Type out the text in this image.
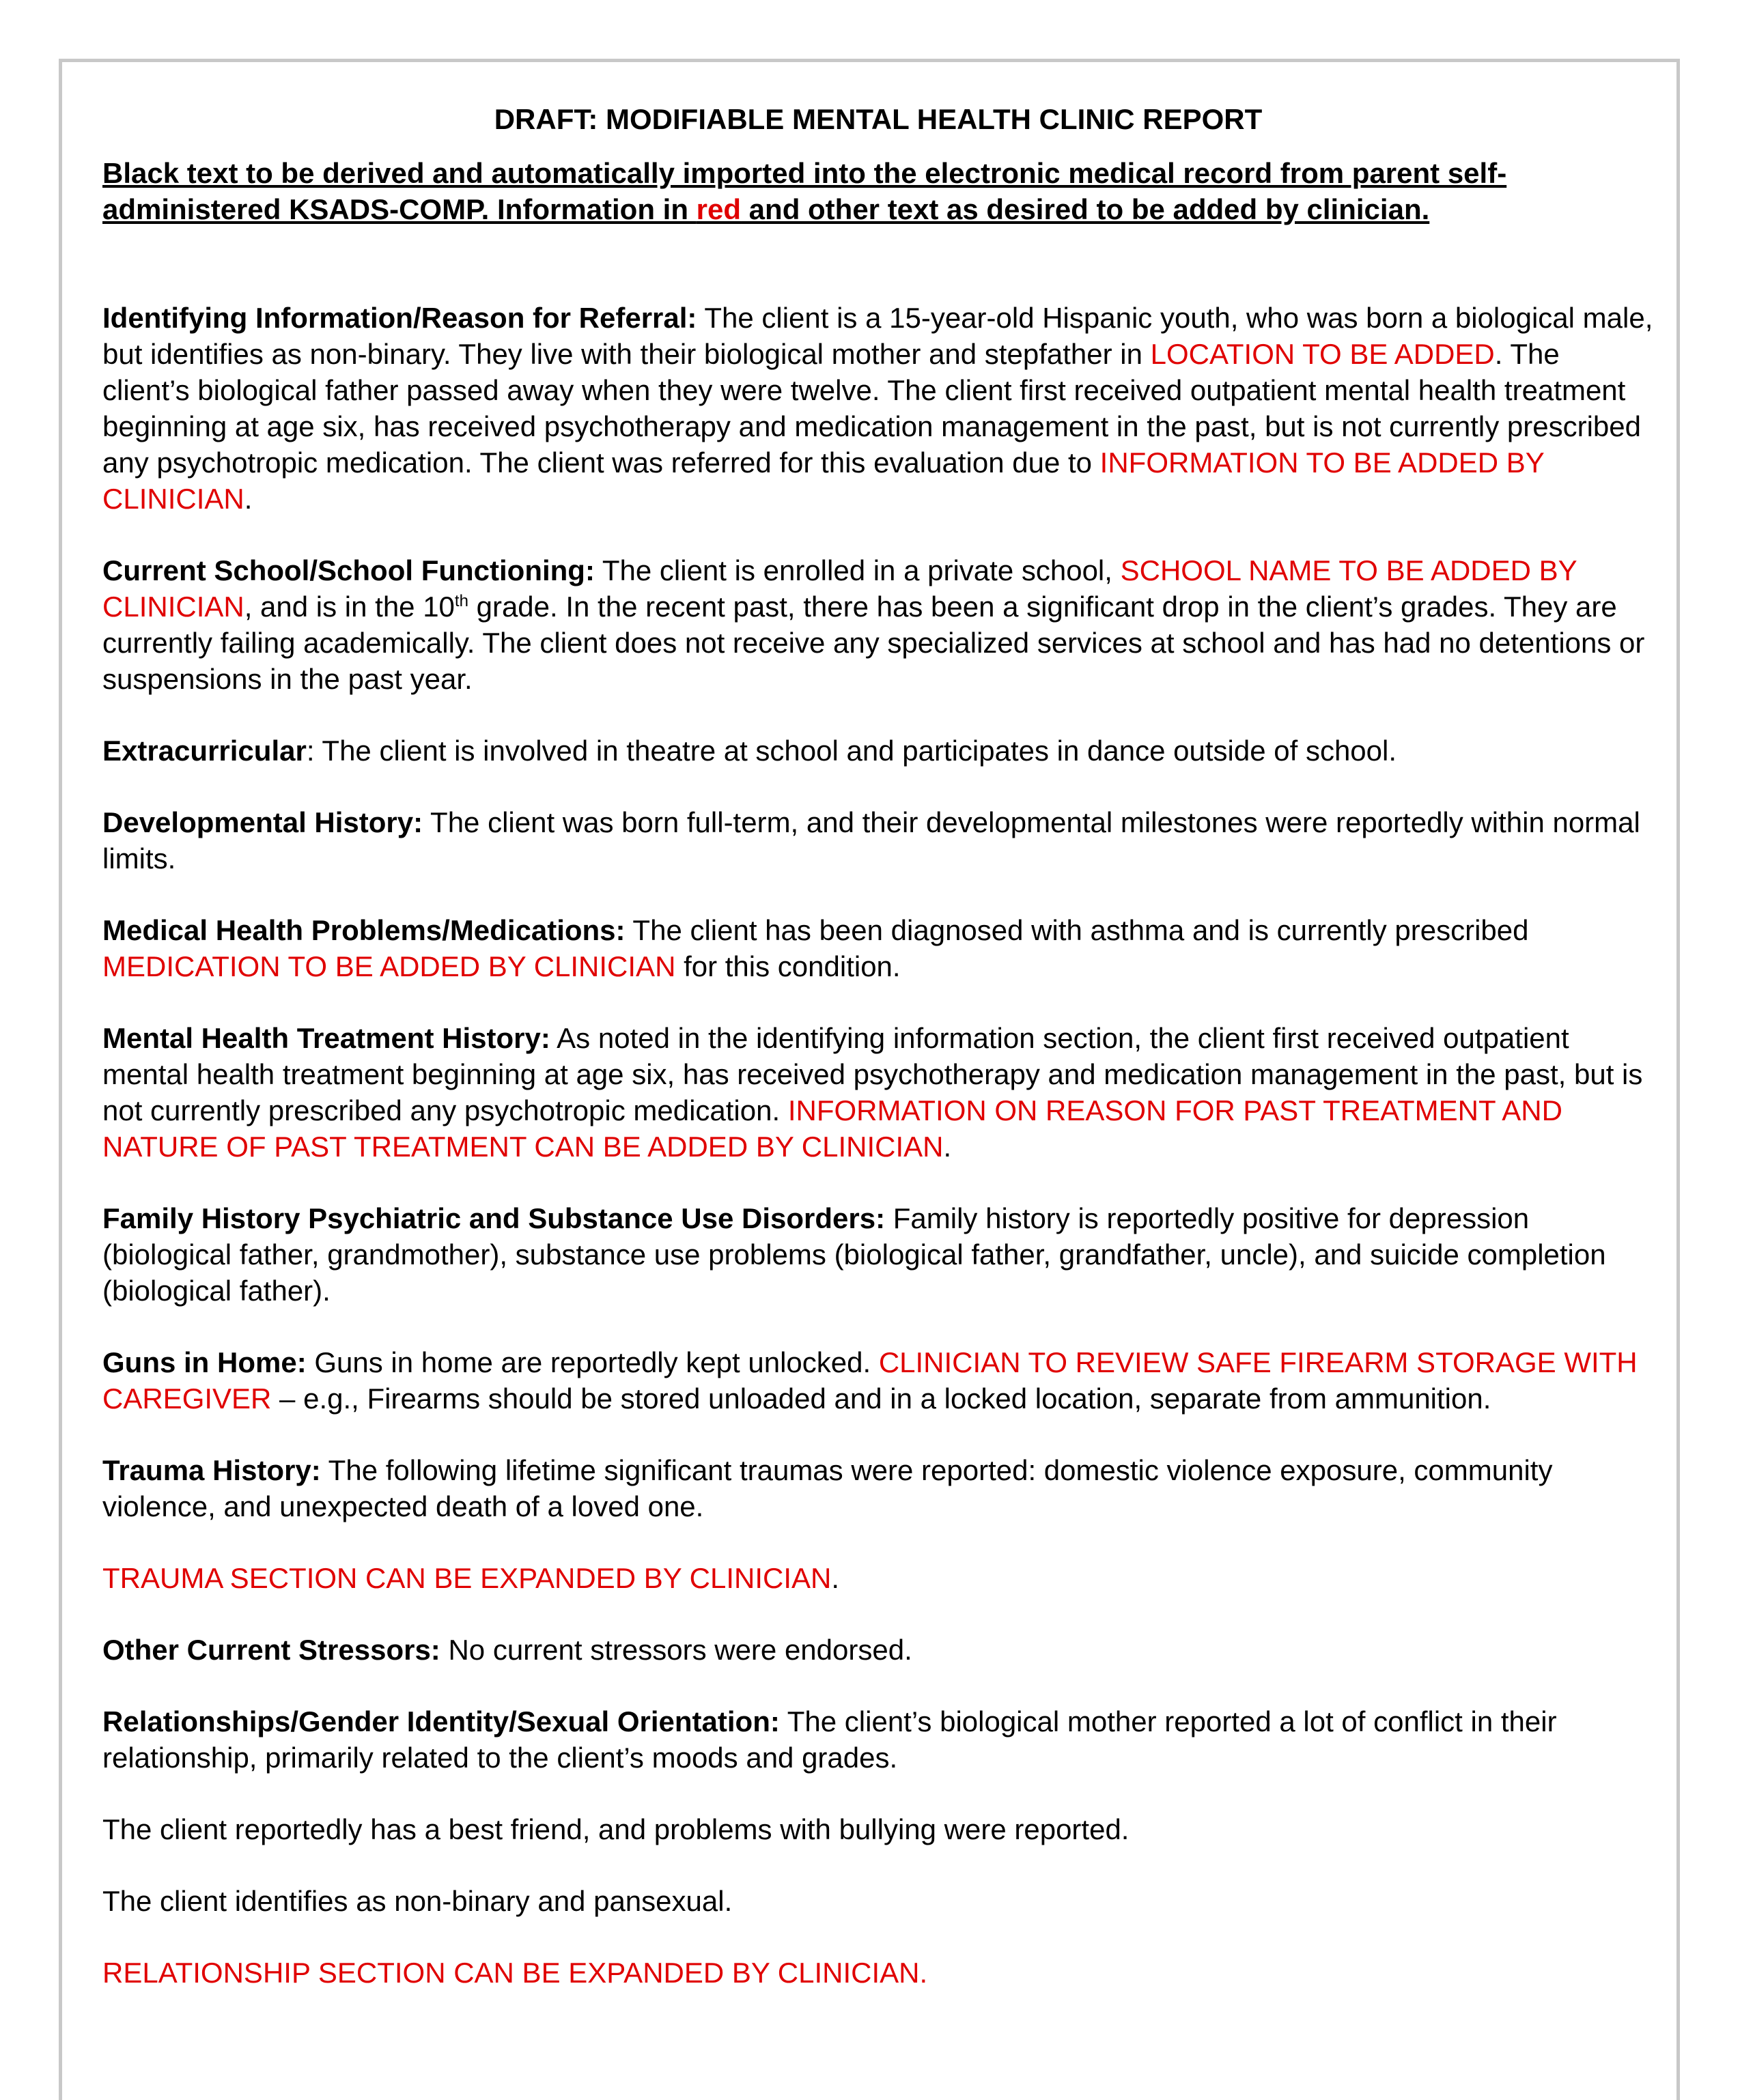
DRAFT: MODIFIABLE MENTAL HEALTH CLINIC REPORT
Black text to be derived and automatically imported into the electronic medical record from parent self-administered KSADS-COMP. Information in red and other text as desired to be added by clinician.

Identifying Information/Reason for Referral: The client is a 15-year-old Hispanic youth, who was born a biological male, but identifies as non-binary. They live with their biological mother and stepfather in LOCATION TO BE ADDED. The client’s biological father passed away when they were twelve. The client first received outpatient mental health treatment beginning at age six, has received psychotherapy and medication management in the past, but is not currently prescribed any psychotropic medication. The client was referred for this evaluation due to INFORMATION TO BE ADDED BY CLINICIAN.

Current School/School Functioning: The client is enrolled in a private school, SCHOOL NAME TO BE ADDED BY CLINICIAN, and is in the 10th grade. In the recent past, there has been a significant drop in the client’s grades. They are currently failing academically. The client does not receive any specialized services at school and has had no detentions or suspensions in the past year.

Extracurricular: The client is involved in theatre at school and participates in dance outside of school.

Developmental History: The client was born full-term, and their developmental milestones were reportedly within normal limits.

Medical Health Problems/Medications: The client has been diagnosed with asthma and is currently prescribed MEDICATION TO BE ADDED BY CLINICIAN for this condition.

Mental Health Treatment History: As noted in the identifying information section, the client first received outpatient mental health treatment beginning at age six, has received psychotherapy and medication management in the past, but is not currently prescribed any psychotropic medication. INFORMATION ON REASON FOR PAST TREATMENT AND NATURE OF PAST TREATMENT CAN BE ADDED BY CLINICIAN.

Family History Psychiatric and Substance Use Disorders: Family history is reportedly positive for depression (biological father, grandmother), substance use problems (biological father, grandfather, uncle), and suicide completion (biological father).

Guns in Home: Guns in home are reportedly kept unlocked. CLINICIAN TO REVIEW SAFE FIREARM STORAGE WITH CAREGIVER – e.g., Firearms should be stored unloaded and in a locked location, separate from ammunition.

Trauma History: The following lifetime significant traumas were reported: domestic violence exposure, community violence, and unexpected death of a loved one.

TRAUMA SECTION CAN BE EXPANDED BY CLINICIAN.

Other Current Stressors: No current stressors were endorsed.

Relationships/Gender Identity/Sexual Orientation: The client’s biological mother reported a lot of conflict in their relationship, primarily related to the client’s moods and grades.

The client reportedly has a best friend, and problems with bullying were reported.

The client identifies as non-binary and pansexual.

RELATIONSHIP SECTION CAN BE EXPANDED BY CLINICIAN.
